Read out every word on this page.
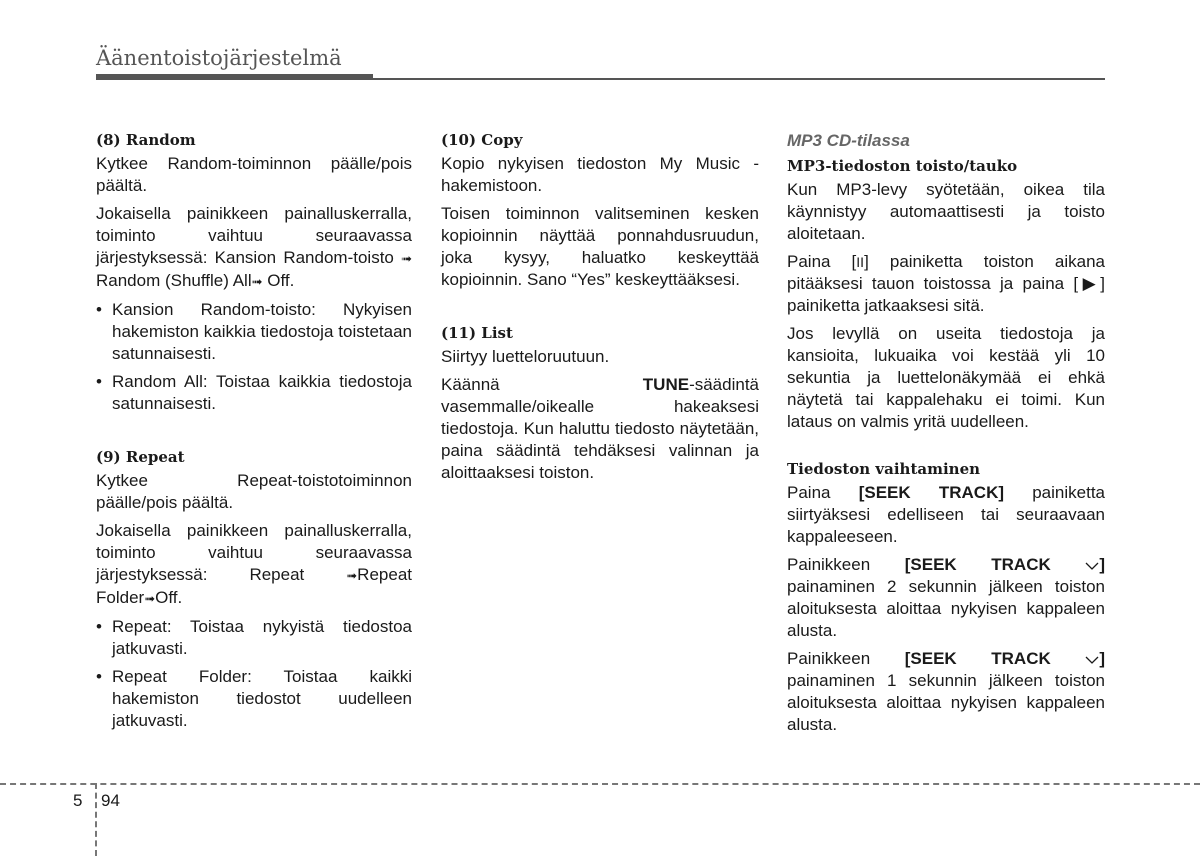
Äänentoistojärjestelmä
(8) Random

Kytkee Random-toiminnon päälle/pois päältä.

Jokaisella painikkeen painalluskerralla, toiminto vaihtuu seuraavassa järjestyksessä: Kansion Random-toisto ➟ Random (Shuffle) All➟ Off.

• Kansion Random-toisto: Nykyisen hakemiston kaikkia tiedostoja toistetaan satunnaisesti.
• Random All: Toistaa kaikkia tiedostoja satunnaisesti.
(9) Repeat

Kytkee Repeat-toistotoiminnon päälle/pois päältä.

Jokaisella painikkeen painalluskerralla, toiminto vaihtuu seuraavassa järjestyksessä: Repeat	➟Repeat Folder➟Off.

• Repeat: Toistaa nykyistä tiedostoa jatkuvasti.
• Repeat Folder: Toistaa kaikki hakemiston tiedostot uudelleen jatkuvasti.
(10) Copy

Kopio nykyisen tiedoston My Music -hakemistoon.

Toisen toiminnon valitseminen kesken kopioinnin näyttää ponnahdusruudun, joka kysyy, haluatko keskeyttää kopioinnin. Sano “Yes” keskeyttääksesi.

(11) List

Siirtyy luetteloruutuun.

Käännä TUNE-säädintä vasemmalle/oikealle hakeaksesi tiedostoja. Kun haluttu tiedosto näytetään, paina säädintä tehdäksesi valinnan ja aloittaaksesi toiston.

MP3 CD-tilassa
MP3-tiedoston toisto/tauko

Kun MP3-levy syötetään, oikea tila käynnistyy automaattisesti ja toisto aloitetaan.

Paina [II] painiketta toiston aikana pitääksesi tauon toistossa ja paina [▶] painiketta jatkaaksesi sitä.

Jos levyllä on useita tiedostoja ja kansioita, lukuaika voi kestää yli 10 sekuntia ja luettelonäkymää ei ehkä näytetä tai kappalehaku ei toimi. Kun lataus on valmis yritä uudelleen.

Tiedoston vaihtaminen

Paina [SEEK TRACK] painiketta siirtyäksesi edelliseen tai seuraavaan kappaleeseen.

Painikkeen [SEEK TRACK	] painaminen 2 sekunnin jälkeen toiston aloituksesta aloittaa nykyisen kappaleen alusta.

Painikkeen [SEEK TRACK	] painaminen 1 sekunnin jälkeen toiston aloituksesta aloittaa nykyisen kappaleen alusta.

5 94
